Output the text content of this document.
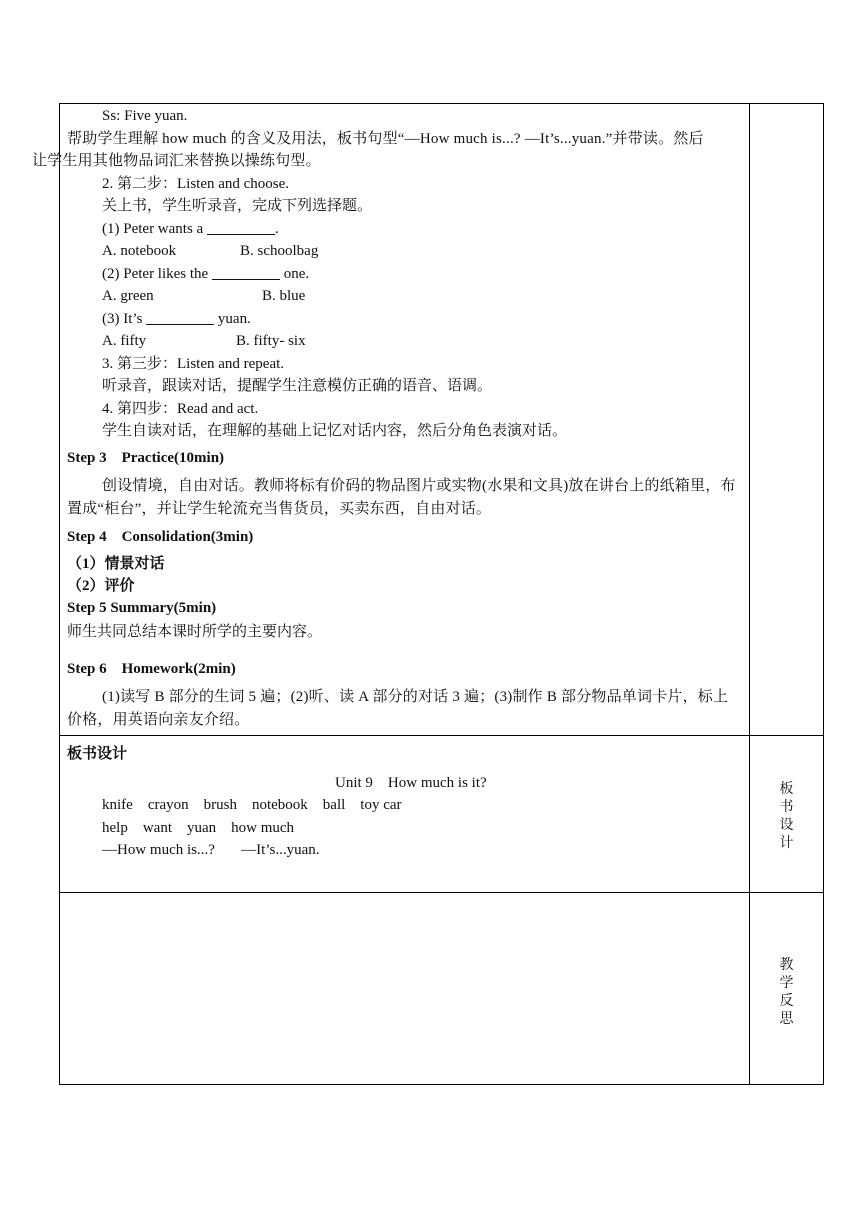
Ss: Five yuan.
帮助学生理解 how much 的含义及用法，板书句型“—How much is...? —It’s...yuan.”并带读。然后让学生用其他物品词汇来替换以操练句型。
2. 第二步：Listen and choose.
关上书，学生听录音，完成下列选择题。
(1) Peter wants a	.
A. notebook	B. schoolbag
(2) Peter likes the	one.
A. green	B. blue
(3) It’s	yuan.
A. fifty	B. fifty- six
3. 第三步：Listen and repeat.
听录音，跟读对话，提醒学生注意模仿正确的语音、语调。
4. 第四步：Read and act.
学生自读对话，在理解的基础上记忆对话内容，然后分角色表演对话。
Step 3    Practice(10min)
创设情境，自由对话。教师将标有价码的物品图片或实物(水果和文具)放在讲台上的纸箱里，布置成“柜台”，并让学生轮流充当售货员，买卖东西，自由对话。
Step 4    Consolidation(3min)
（1）情景对话
（2）评价
Step 5 Summary(5min)
师生共同总结本课时所学的主要内容。
Step 6    Homework(2min)
(1)读写 B 部分的生词 5 遍；(2)听、读 A 部分的对话 3 遍；(3)制作 B 部分物品单词卡片，标上价格，用英语向亲友介绍。
板书设计
Unit 9    How much is it?
knife    crayon    brush    notebook    ball    toy car
help    want    yuan    how much
—How much is...?       —It’s...yuan.
板
书
设
计
教
学
反
思
